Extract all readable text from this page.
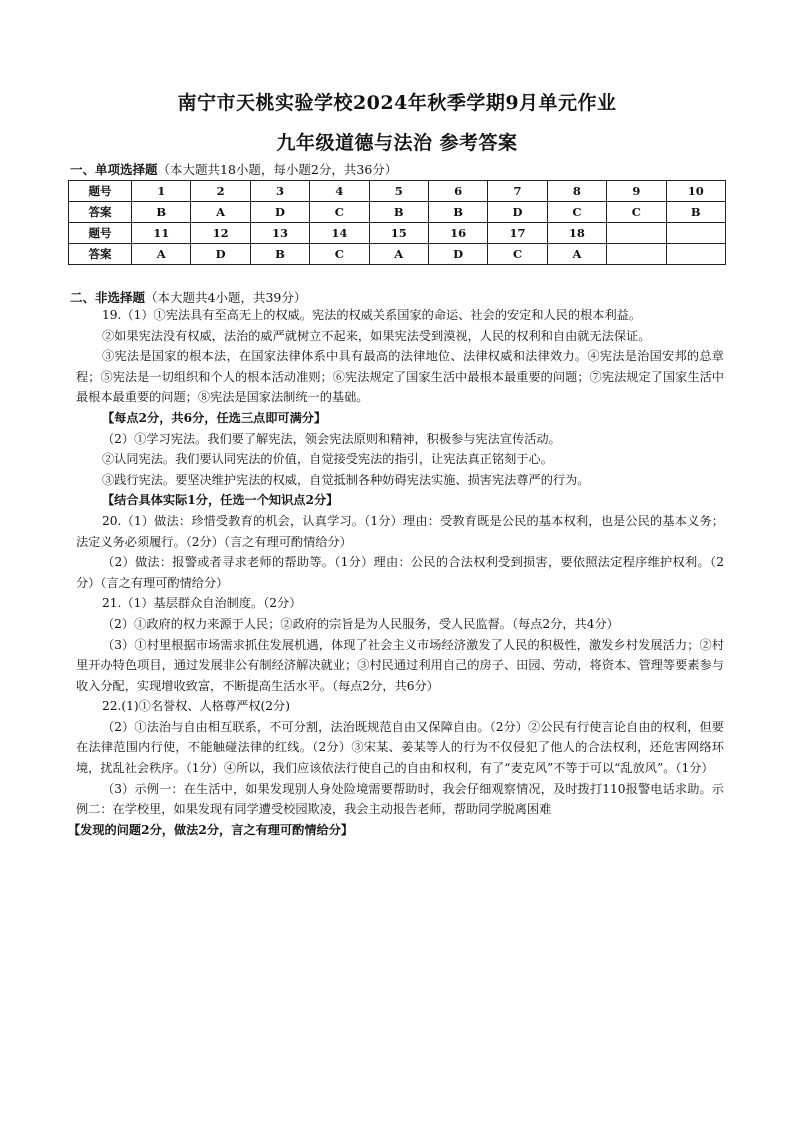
南宁市天桃实验学校2024年秋季学期9月单元作业
九年级道德与法治 参考答案
一、单项选择题（本大题共18小题，每小题2分，共36分）
题号	1	2	3	4	5	6	7	8	9	10
答案	B	A	D	C	B	B	D	C	C	B
题号	11	12	13	14	15	16	17	18		
答案	A	D	B	C	A	D	C	A		
二、非选择题（本大题共4小题，共39分）

19.（1）①宪法具有至高无上的权威。宪法的权威关系国家的命运、社会的安定和人民的根本利益。

②如果宪法没有权威，法治的威严就树立不起来，如果宪法受到漠视，人民的权利和自由就无法保证。

③宪法是国家的根本法，在国家法律体系中具有最高的法律地位、法律权威和法律效力。④宪法是治国安邦的总章程；⑤宪法是一切组织和个人的根本活动准则；⑥宪法规定了国家生活中最根本最重要的问题；⑦宪法规定了国家生活中最根本最重要的问题；⑧宪法是国家法制统一的基础。

【每点2分，共6分，任选三点即可满分】

（2）①学习宪法。我们要了解宪法，领会宪法原则和精神，积极参与宪法宣传活动。

②认同宪法。我们要认同宪法的价值，自觉接受宪法的指引，让宪法真正铭刻于心。

③践行宪法。要坚决维护宪法的权威，自觉抵制各种妨碍宪法实施、损害宪法尊严的行为。

【结合具体实际1分，任选一个知识点2分】

20.（1）做法：珍惜受教育的机会，认真学习。（1分）理由：受教育既是公民的基本权利，也是公民的基本义务；法定义务必须履行。（2分）（言之有理可酌情给分）

（2）做法：报警或者寻求老师的帮助等。（1分）理由：公民的合法权利受到损害，要依照法定程序维护权利。（2分）（言之有理可酌情给分）

21.（1）基层群众自治制度。（2分）

（2）①政府的权力来源于人民；②政府的宗旨是为人民服务，受人民监督。（每点2分，共4分）

（3）①村里根据市场需求抓住发展机遇，体现了社会主义市场经济激发了人民的积极性，激发乡村发展活力；②村里开办特色项目，通过发展非公有制经济解决就业；③村民通过利用自己的房子、田园、劳动，将资本、管理等要素参与收入分配，实现增收致富，不断提高生活水平。（每点2分，共6分）

22.(1)①名誉权、人格尊严权(2分)

（2）①法治与自由相互联系，不可分割，法治既规范自由又保障自由。（2分）②公民有行使言论自由的权利，但要在法律范围内行使，不能触碰法律的红线。（2分）③宋某、姜某等人的行为不仅侵犯了他人的合法权利，还危害网络环境，扰乱社会秩序。（1分）④所以，我们应该依法行使自己的自由和权利，有了“麦克风”不等于可以“乱放风”。（1分）

（3）示例一：在生活中，如果发现别人身处险境需要帮助时，我会仔细观察情况，及时拨打110报警电话求助。示例二：在学校里，如果发现有同学遭受校园欺凌，我会主动报告老师，帮助同学脱离困难

【发现的问题2分，做法2分，言之有理可酌情给分】
